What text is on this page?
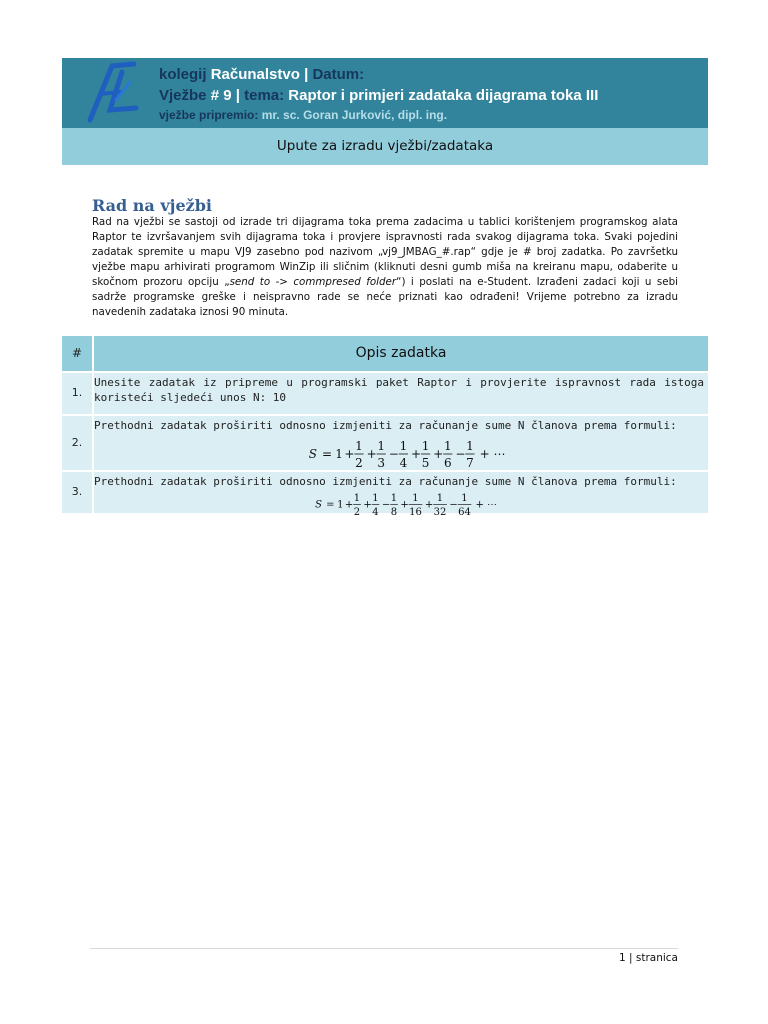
kolegij Računalstvo | Datum:
Vježbe # 9 | tema: Raptor i primjeri zadataka dijagrama toka III
vježbe pripremio: mr. sc. Goran Jurković, dipl. ing.
Upute za izradu vježbi/zadataka
Rad na vježbi
Rad na vježbi se sastoji od izrade tri dijagrama toka prema zadacima u tablici korištenjem programskog alata Raptor te izvršavanjem svih dijagrama toka i provjere ispravnosti rada svakog dijagrama toka. Svaki pojedini zadatak spremite u mapu VJ9 zasebno pod nazivom „vj9_JMBAG_#.rap“ gdje je # broj zadatka. Po završetku vježbe mapu arhivirati programom WinZip ili sličnim (kliknuti desni gumb miša na kreiranu mapu, odaberite u skočnom prozoru opciju „send to -> commpresed folder“) i poslati na e-Student. Izrađeni zadaci koji u sebi sadrže programske greške i neispravno rade se neće priznati kao odrađeni! Vrijeme potrebno za izradu navedenih zadataka iznosi 90 minuta.
#	Opis zadatka
1.
Unesite zadatak iz pripreme u programski paket Raptor i provjerite ispravnost rada istoga koristeći sljedeći unos N: 10
2.
Prethodni zadatak proširiti odnosno izmjeniti za računanje sume N članova prema formuli:
S = 1 +
1
2
+
1
3
−
1
4
+
1
5
+
1
6
−
1
7
+ ⋯
3.
Prethodni zadatak proširiti odnosno izmjeniti za računanje sume N članova prema formuli:
S = 1 +
1
2
+
1
4
−
1
8
+
1
16
+
1
32
−
1
64
+ ⋯
1 | stranica
